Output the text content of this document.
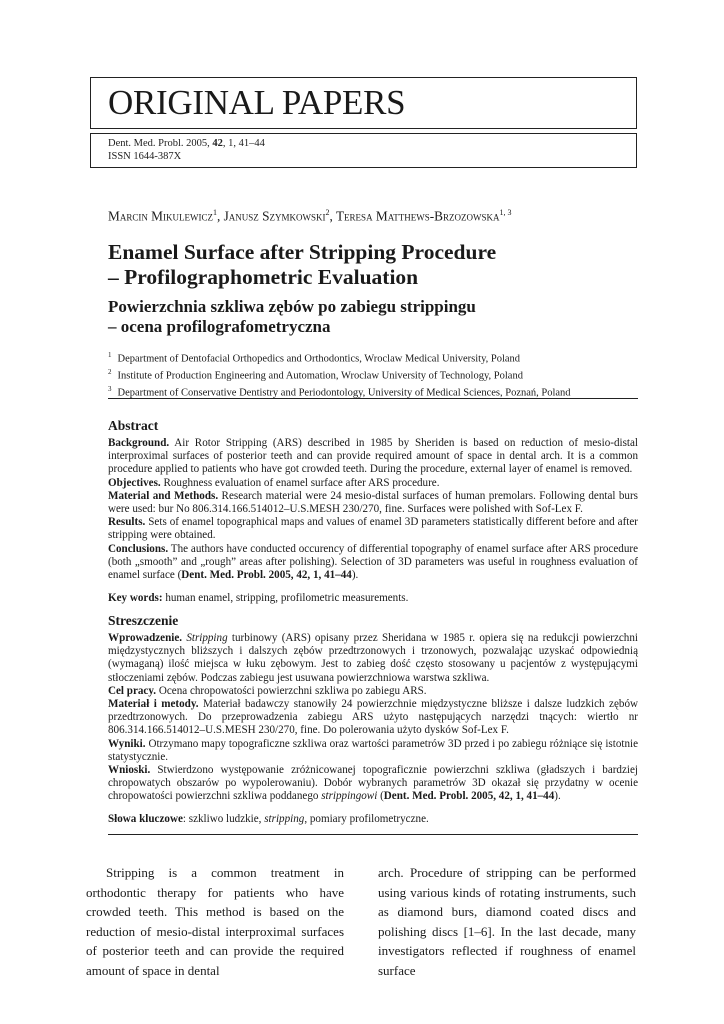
ORIGINAL PAPERS
Dent. Med. Probl. 2005, 42, 1, 41–44
ISSN 1644-387X
Marcin Mikulewicz$^1$, Janusz Szymkowski$^2$, Teresa Matthews-Brzozowska$^{1, 3}$
Enamel Surface after Stripping Procedure
– Profilographometric Evaluation
Powierzchnia szkliwa zębów po zabiegu strippingu
– ocena profilografometryczna
$^1$ Department of Dentofacial Orthopedics and Orthodontics, Wroclaw Medical University, Poland
$^2$ Institute of Production Engineering and Automation, Wroclaw University of Technology, Poland
$^3$ Department of Conservative Dentistry and Periodontology, University of Medical Sciences, Poznań, Poland
Abstract

Background. Air Rotor Stripping (ARS) described in 1985 by Sheriden is based on reduction of mesio-distal interproximal surfaces of posterior teeth and can provide required amount of space in dental arch. It is a common procedure applied to patients who have got crowded teeth. During the procedure, external layer of enamel is removed.

Objectives. Roughness evaluation of enamel surface after ARS procedure.

Material and Methods. Research material were 24 mesio-distal surfaces of human premolars. Following dental burs were used: bur No 806.314.166.514012–U.S.MESH 230/270, fine. Surfaces were polished with Sof-Lex F.

Results. Sets of enamel topographical maps and values of enamel 3D parameters statistically different before and after stripping were obtained.

Conclusions. The authors have conducted occurency of differential topography of enamel surface after ARS procedure (both „smooth” and „rough” areas after polishing). Selection of 3D parameters was useful in roughness evaluation of enamel surface (Dent. Med. Probl. 2005, 42, 1, 41–44).

Key words: human enamel, stripping, profilometric measurements.
Streszczenie

Wprowadzenie. Stripping turbinowy (ARS) opisany przez Sheridana w 1985 r. opiera się na redukcji powierzchni międzystycznych bliższych i dalszych zębów przedtrzonowych i trzonowych, pozwalając uzyskać odpowiednią (wymaganą) ilość miejsca w łuku zębowym. Jest to zabieg dość często stosowany u pacjentów z występującymi stłoczeniami zębów. Podczas zabiegu jest usuwana powierzchniowa warstwa szkliwa.

Cel pracy. Ocena chropowatości powierzchni szkliwa po zabiegu ARS.

Materiał i metody. Materiał badawczy stanowiły 24 powierzchnie międzystyczne bliższe i dalsze ludzkich zębów przedtrzonowych. Do przeprowadzenia zabiegu ARS użyto następujących narzędzi tnących: wiertło nr 806.314.166.514012–U.S.MESH 230/270, fine. Do polerowania użyto dysków Sof-Lex F.

Wyniki. Otrzymano mapy topograficzne szkliwa oraz wartości parametrów 3D przed i po zabiegu różniące się istotnie statystycznie.

Wnioski. Stwierdzono występowanie zróżnicowanej topograficznie powierzchni szkliwa (gładszych i bardziej chropowatych obszarów po wypolerowaniu). Dobór wybranych parametrów 3D okazał się przydatny w ocenie chropowatości powierzchni szkliwa poddanego strippingowi (Dent. Med. Probl. 2005, 42, 1, 41–44).

Słowa kluczowe: szkliwo ludzkie, stripping, pomiary profilometryczne.

Stripping is a common treatment in orthodontic therapy for patients who have crowded teeth. This method is based on the reduction of mesio-distal interproximal surfaces of posterior teeth and can provide the required amount of space in dental

arch. Procedure of stripping can be performed using various kinds of rotating instruments, such as diamond burs, diamond coated discs and polishing discs [1–6]. In the last decade, many investigators reflected if roughness of enamel surface
